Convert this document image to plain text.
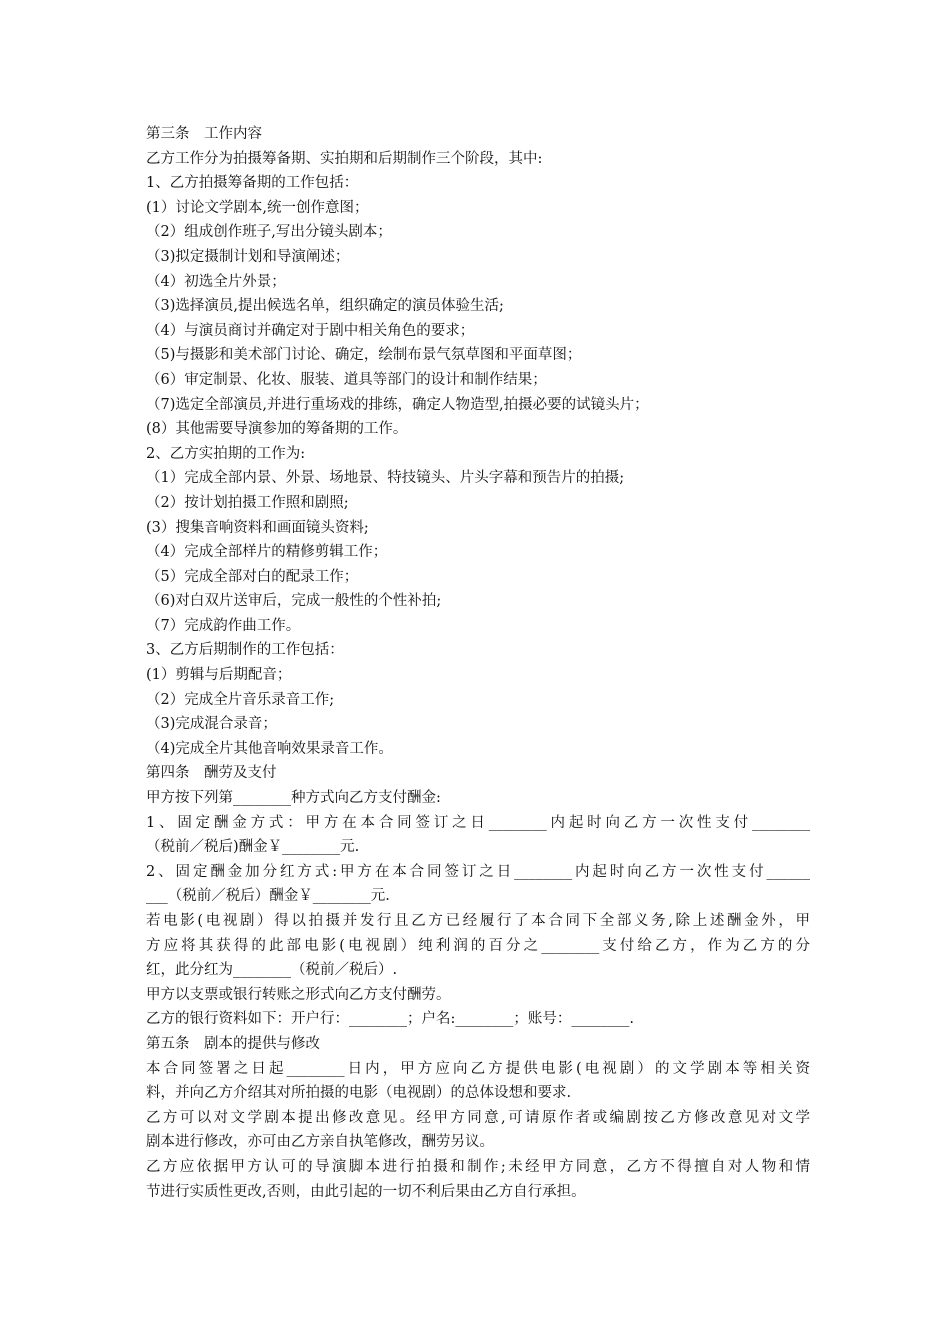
第三条　工作内容
乙方工作分为拍摄筹备期、实拍期和后期制作三个阶段，其中:
1、乙方拍摄筹备期的工作包括：
(1）讨论文学剧本,统一创作意图；
（2）组成创作班子,写出分镜头剧本；
（3)拟定摄制计划和导演阐述；
（4）初选全片外景；
（3)选择演员,提出候选名单，组织确定的演员体验生活;
（4）与演员商讨并确定对于剧中相关角色的要求；
（5)与摄影和美术部门讨论、确定，绘制布景气氛草图和平面草图；
（6）审定制景、化妆、服装、道具等部门的设计和制作结果；
（7)选定全部演员,并进行重场戏的排练，确定人物造型,拍摄必要的试镜头片；
(8）其他需要导演参加的筹备期的工作。
2、乙方实拍期的工作为:
（1）完成全部内景、外景、场地景、特技镜头、片头字幕和预告片的拍摄;
（2）按计划拍摄工作照和剧照;
(3）搜集音响资料和画面镜头资料;
（4）完成全部样片的精修剪辑工作；
（5）完成全部对白的配录工作；
（6)对白双片送审后，完成一般性的个性补拍;
（7）完成韵作曲工作。
3、乙方后期制作的工作包括：
(1）剪辑与后期配音；
（2）完成全片音乐录音工作;
（3)完成混合录音；
（4)完成全片其他音响效果录音工作。
第四条　酬劳及支付
甲方按下列第________种方式向乙方支付酬金:
1、固定酬金方式：甲方在本合同签订之日________内起时向乙方一次性支付________
（税前／税后)酬金￥________元.
2、固定酬金加分红方式:甲方在本合同签订之日________内起时向乙方一次性支付______
___（税前／税后）酬金￥________元.
若电影(电视剧）得以拍摄并发行且乙方已经履行了本合同下全部义务,除上述酬金外，甲
方应将其获得的此部电影(电视剧）纯利润的百分之________支付给乙方，作为乙方的分
红，此分红为________（税前／税后）.
甲方以支票或银行转账之形式向乙方支付酬劳。
乙方的银行资料如下：开户行：________；户名:________；账号：________.
第五条　剧本的提供与修改
本合同签署之日起________日内，甲方应向乙方提供电影(电视剧）的文学剧本等相关资
料，并向乙方介绍其对所拍摄的电影（电视剧）的总体设想和要求.
乙方可以对文学剧本提出修改意见。经甲方同意,可请原作者或编剧按乙方修改意见对文学
剧本进行修改，亦可由乙方亲自执笔修改，酬劳另议。
乙方应依据甲方认可的导演脚本进行拍摄和制作;未经甲方同意，乙方不得擅自对人物和情
节进行实质性更改,否则，由此引起的一切不利后果由乙方自行承担。
